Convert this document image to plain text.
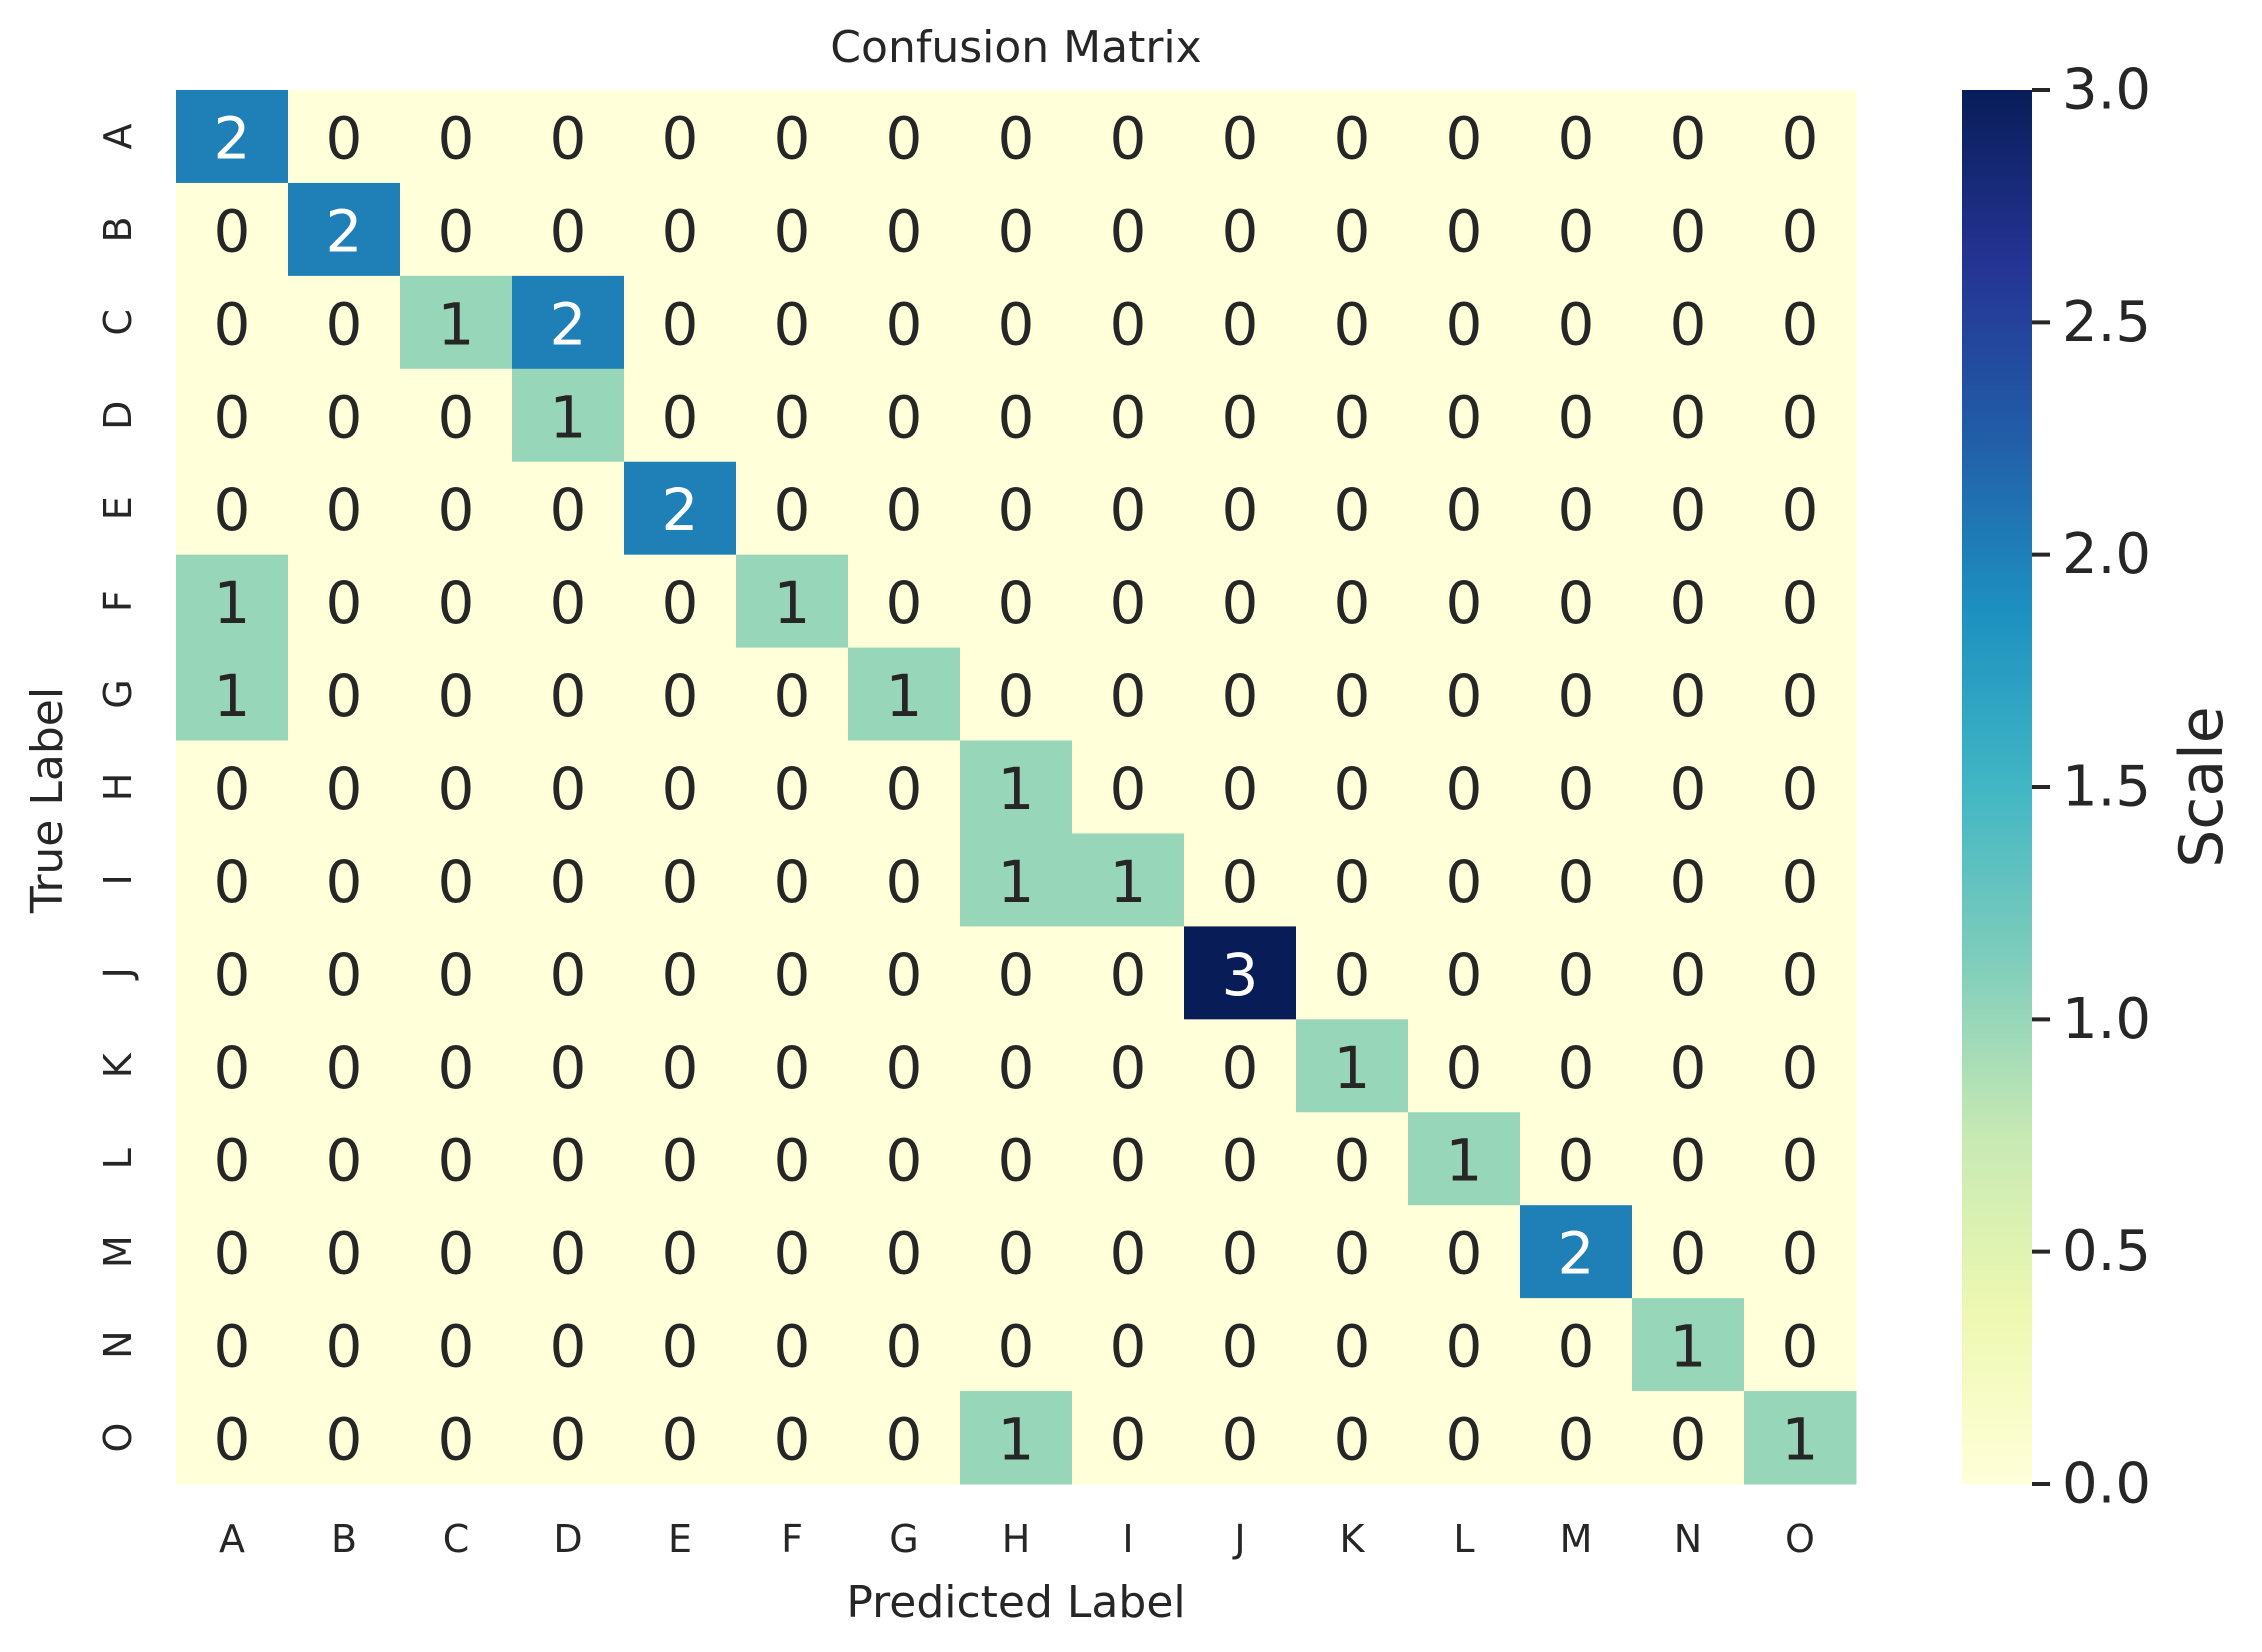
Confusion Matrix
2 0 0 0 0 0 0 0 0 0 0 0 0 0 0
0 2 0 0 0 0 0 0 0 0 0 0 0 0 0
0 0 1 2 0 0 0 0 0 0 0 0 0 0 0
0 0 0 1 0 0 0 0 0 0 0 0 0 0 0
0 0 0 0 2 0 0 0 0 0 0 0 0 0 0
1 0 0 0 0 1 0 0 0 0 0 0 0 0 0
1 0 0 0 0 0 1 0 0 0 0 0 0 0 0
0 0 0 0 0 0 0 1 0 0 0 0 0 0 0
0 0 0 0 0 0 0 1 1 0 0 0 0 0 0
0 0 0 0 0 0 0 0 0 3 0 0 0 0 0
0 0 0 0 0 0 0 0 0 0 1 0 0 0 0
0 0 0 0 0 0 0 0 0 0 0 1 0 0 0
0 0 0 0 0 0 0 0 0 0 0 0 2 0 0
0 0 0 0 0 0 0 0 0 0 0 0 0 1 0
0 0 0 0 0 0 0 1 0 0 0 0 0 0 1
A B C D E F G H I	J K L M N O
A
B
C
D
E
F
G
H
I
J
K
L
M
N
O
Predicted Label
True Label
0.0
0.5
1.0
1.5
2.0
2.5
3.0
Scale
